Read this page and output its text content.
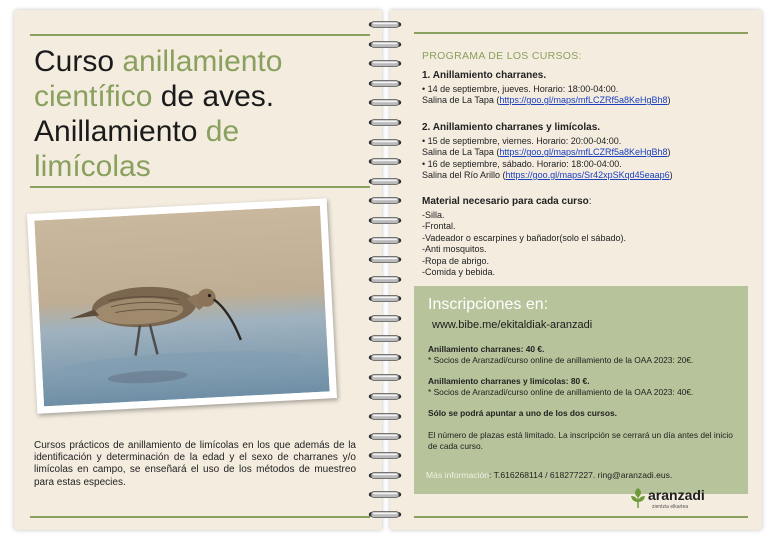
Curso anillamiento
científico de aves.
Anillamiento de
limícolas
Cursos prácticos de anillamiento de limícolas en los que además de la identificación y determinación de la edad y el sexo de charranes y/o limícolas en campo, se enseñará el uso de los métodos de muestreo para estas especies.
PROGRAMA DE LOS CURSOS:
1. Anillamiento charranes.
• 14 de septiembre, jueves. Horario: 18:00-04:00.
Salina de La Tapa (https://goo.gl/maps/mfLCZRf5a8KeHgBh8)
2. Anillamiento charranes y limícolas.
• 15 de septiembre, viernes. Horario: 20:00-04:00.
Salina de La Tapa (https://goo.gl/maps/mfLCZRf5a8KeHgBh8)
• 16 de septiembre, sábado. Horario: 18:00-04:00.
Salina del Río Arillo (https://goo.gl/maps/Sr42xpSKqd45eaap6)
Material necesario para cada curso:
-Silla.
-Frontal.
-Vadeador o escarpines y bañador(solo el sábado).
-Anti mosquitos.
-Ropa de abrigo.
-Comida y bebida.
Inscripciones en:
www.bibe.me/ekitaldiak-aranzadi
Anillamiento charranes: 40 €.
* Socios de Aranzadi/curso online de anillamiento de la OAA 2023: 20€.
Anillamiento charranes y limícolas: 80 €.
* Socios de Aranzadi/curso online de anillamiento de la OAA 2023: 40€.
Sólo se podrá apuntar a uno de los dos cursos.
El número de plazas está limitado. La inscripción se cerrará un día antes del inicio de cada curso.
Más información: T.616268114 / 618277227. ring@aranzadi.eus.
aranzadi
zientzia elkartea
